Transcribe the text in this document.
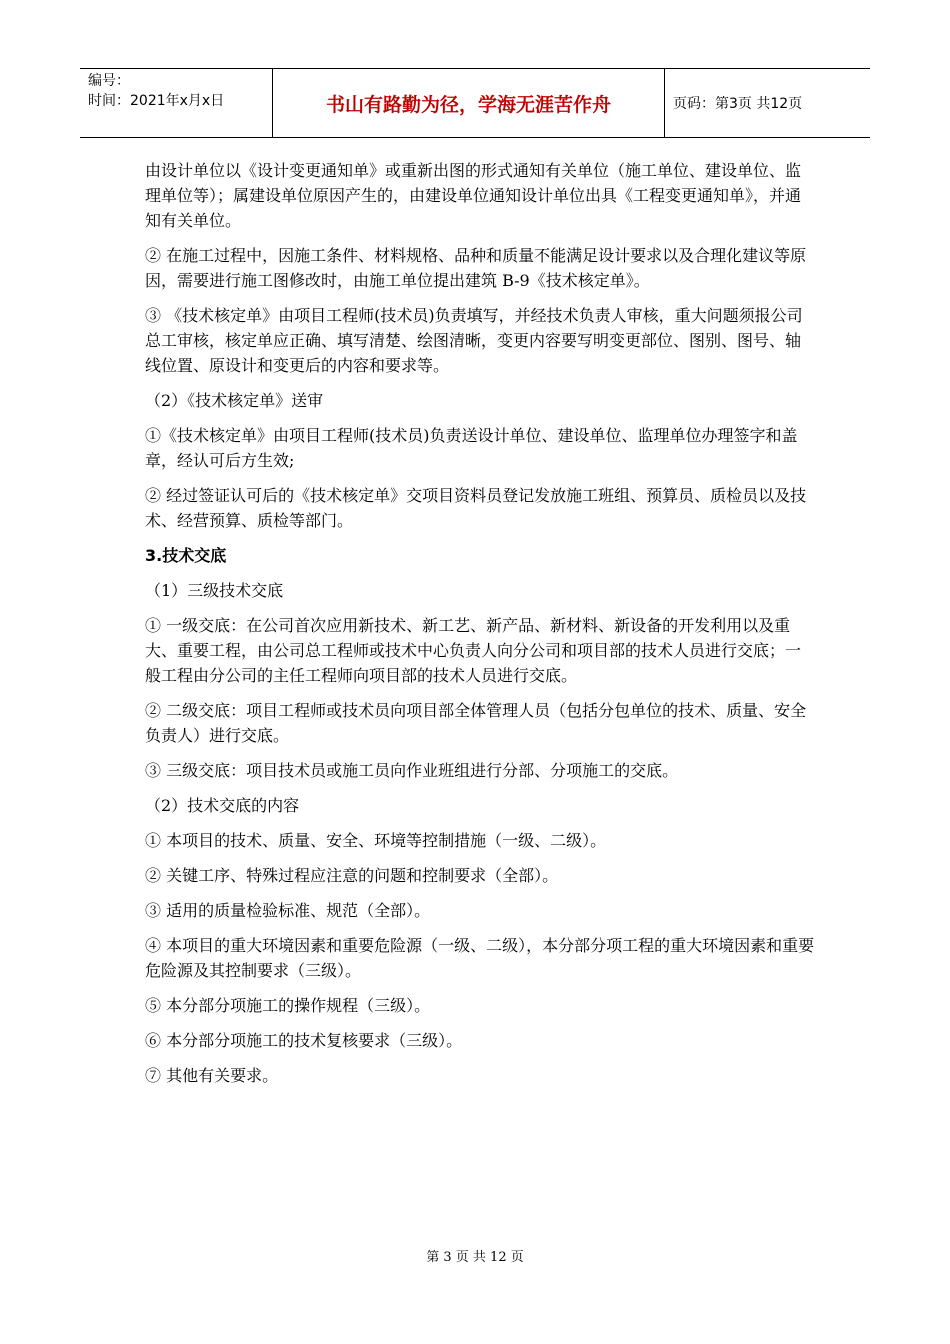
编号：
时间：2021年x月x日	书山有路勤为径，学海无涯苦作舟	页码：第3页 共12页

由设计单位以《设计变更通知单》或重新出图的形式通知有关单位（施工单位、建设单位、监理单位等）；属建设单位原因产生的，由建设单位通知设计单位出具《工程变更通知单》，并通知有关单位。

② 在施工过程中，因施工条件、材料规格、品种和质量不能满足设计要求以及合理化建议等原因，需要进行施工图修改时，由施工单位提出建筑 B-9《技术核定单》。

③ 《技术核定单》由项目工程师(技术员)负责填写，并经技术负责人审核，重大问题须报公司总工审核，核定单应正确、填写清楚、绘图清晰，变更内容要写明变更部位、图别、图号、轴线位置、原设计和变更后的内容和要求等。

（2）《技术核定单》送审

①《技术核定单》由项目工程师(技术员)负责送设计单位、建设单位、监理单位办理签字和盖章，经认可后方生效;

② 经过签证认可后的《技术核定单》交项目资料员登记发放施工班组、预算员、质检员以及技术、经营预算、质检等部门。

3.技术交底

（1）三级技术交底

① 一级交底：在公司首次应用新技术、新工艺、新产品、新材料、新设备的开发利用以及重大、重要工程，由公司总工程师或技术中心负责人向分公司和项目部的技术人员进行交底；一般工程由分公司的主任工程师向项目部的技术人员进行交底。

② 二级交底：项目工程师或技术员向项目部全体管理人员（包括分包单位的技术、质量、安全负责人）进行交底。

③ 三级交底：项目技术员或施工员向作业班组进行分部、分项施工的交底。

（2）技术交底的内容

① 本项目的技术、质量、安全、环境等控制措施（一级、二级）。

② 关键工序、特殊过程应注意的问题和控制要求（全部）。

③ 适用的质量检验标准、规范（全部）。

④ 本项目的重大环境因素和重要危险源（一级、二级），本分部分项工程的重大环境因素和重要危险源及其控制要求（三级）。

⑤ 本分部分项施工的操作规程（三级）。

⑥ 本分部分项施工的技术复核要求（三级）。

⑦ 其他有关要求。

第 3 页 共 12 页
